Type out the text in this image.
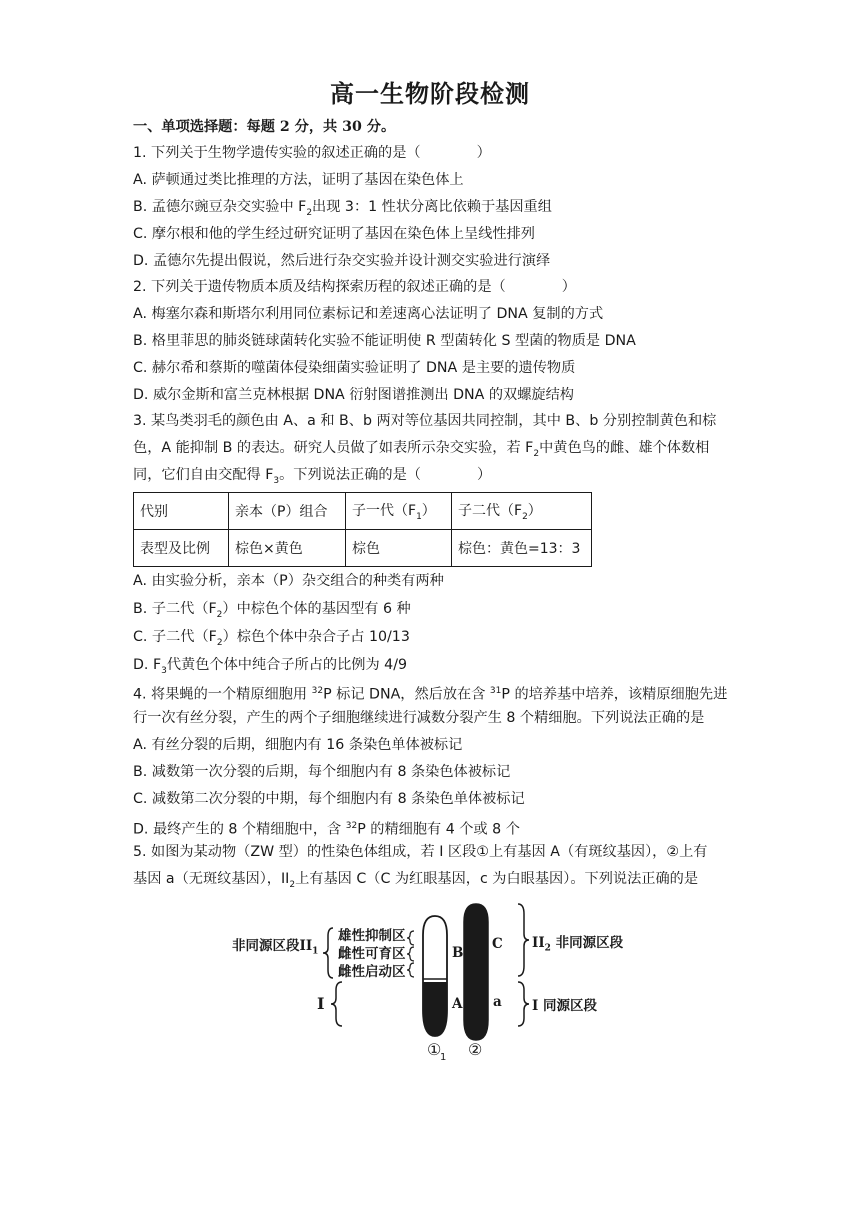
高一生物阶段检测
一、单项选择题：每题 2 分，共 30 分。
1. 下列关于生物学遗传实验的叙述正确的是（	）
A. 萨顿通过类比推理的方法，证明了基因在染色体上
B. 孟德尔豌豆杂交实验中 $F_2$出现 3：1 性状分离比依赖于基因重组
C. 摩尔根和他的学生经过研究证明了基因在染色体上呈线性排列
D. 孟德尔先提出假说，然后进行杂交实验并设计测交实验进行演绎
2. 下列关于遗传物质本质及结构探索历程的叙述正确的是（	）
A. 梅塞尔森和斯塔尔利用同位素标记和差速离心法证明了 DNA 复制的方式
B. 格里菲思的肺炎链球菌转化实验不能证明使 R 型菌转化 S 型菌的物质是 DNA
C. 赫尔希和蔡斯的噬菌体侵染细菌实验证明了 DNA 是主要的遗传物质
D. 威尔金斯和富兰克林根据 DNA 衍射图谱推测出 DNA 的双螺旋结构
3. 某鸟类羽毛的颜色由 A、a 和 B、b 两对等位基因共同控制，其中 B、b 分别控制黄色和棕
色，A 能抑制 B 的表达。研究人员做了如表所示杂交实验，若 $F_2$中黄色鸟的雌、雄个体数相
同，它们自由交配得 $F_3$。下列说法正确的是（	）
代别	亲本（P）组合	子一代$(F_1)$	子二代$(F_2)$
表型及比例	棕色×黄色	棕色	棕色：黄色=13：3
A. 由实验分析，亲本（P）杂交组合的种类有两种
B. 子二代$(F_2)$中棕色个体的基因型有 6 种
C. 子二代$(F_2)$棕色个体中杂合子占 10/13
D. $F_3$代黄色个体中纯合子所占的比例为 4/9
4. 将果蝇的一个精原细胞用 $^{32}$P 标记 DNA，然后放在含 $^{31}$P 的培养基中培养，该精原细胞先进
行一次有丝分裂，产生的两个子细胞继续进行减数分裂产生 8 个精细胞。下列说法正确的是
A. 有丝分裂的后期，细胞内有 16 条染色单体被标记
B. 减数第一次分裂的后期，每个细胞内有 8 条染色体被标记
C. 减数第二次分裂的中期，每个细胞内有 8 条染色单体被标记
D. 最终产生的 8 个精细胞中，含 $^{32}$P 的精细胞有 4 个或 8 个
5. 如图为某动物（ZW 型）的性染色体组成，若 I 区段①上有基因 A（有斑纹基因），②上有
基因 a（无斑纹基因），$II_2$上有基因 C（C 为红眼基因，c 为白眼基因）。下列说法正确的是
非同源区段$II_1$
雄性抑制区
雌性可育区
雌性启动区
I
B
A
C
a
$II_2$ 非同源区段
I 同源区段
① ②
1
